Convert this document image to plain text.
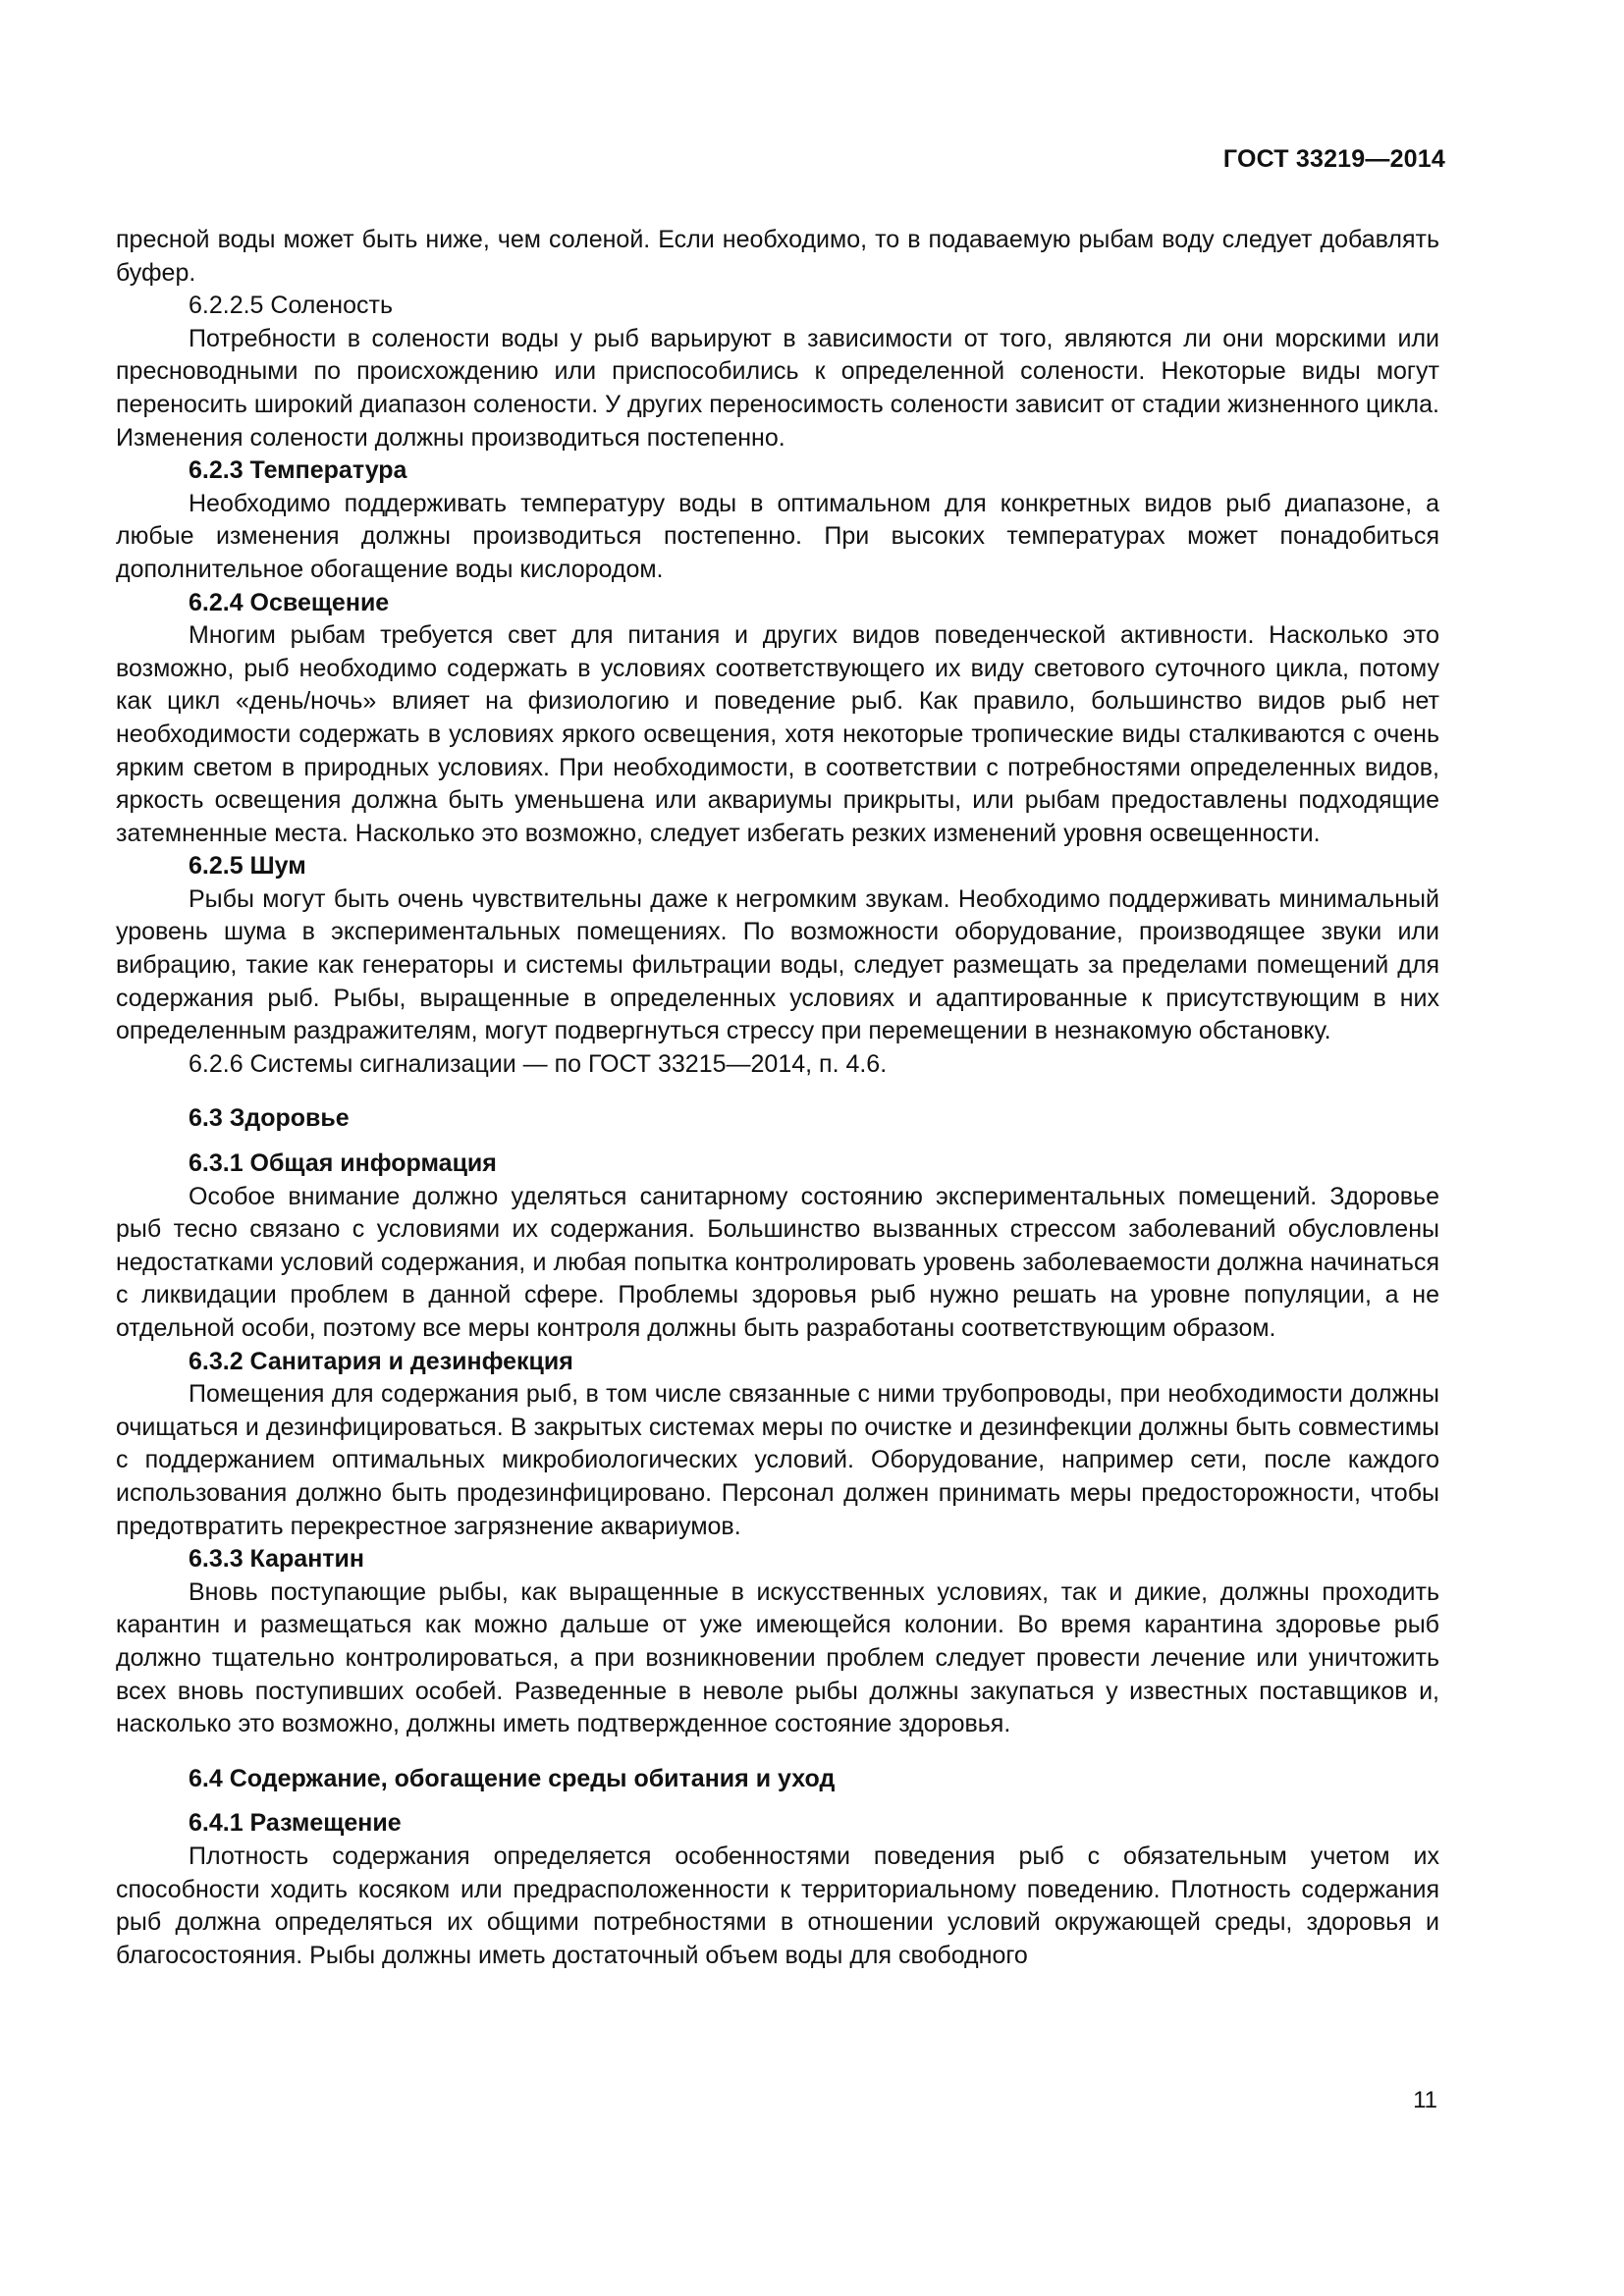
ГОСТ 33219—2014

пресной воды может быть ниже, чем соленой. Если необходимо, то в подаваемую рыбам воду следует добавлять буфер.

6.2.2.5 Соленость

Потребности в солености воды у рыб варьируют в зависимости от того, являются ли они морскими или пресноводными по происхождению или приспособились к определенной солености. Некоторые виды могут переносить широкий диапазон солености. У других переносимость солености зависит от стадии жизненного цикла. Изменения солености должны производиться постепенно.

6.2.3 Температура

Необходимо поддерживать температуру воды в оптимальном для конкретных видов рыб диапазоне, а любые изменения должны производиться постепенно. При высоких температурах может понадобиться дополнительное обогащение воды кислородом.

6.2.4 Освещение

Многим рыбам требуется свет для питания и других видов поведенческой активности. Насколько это возможно, рыб необходимо содержать в условиях соответствующего их виду светового суточного цикла, потому как цикл «день/ночь» влияет на физиологию и поведение рыб. Как правило, большинство видов рыб нет необходимости содержать в условиях яркого освещения, хотя некоторые тропические виды сталкиваются с очень ярким светом в природных условиях. При необходимости, в соответствии с потребностями определенных видов, яркость освещения должна быть уменьшена или аквариумы прикрыты, или рыбам предоставлены подходящие затемненные места. Насколько это возможно, следует избегать резких изменений уровня освещенности.

6.2.5 Шум

Рыбы могут быть очень чувствительны даже к негромким звукам. Необходимо поддерживать минимальный уровень шума в экспериментальных помещениях. По возможности оборудование, производящее звуки или вибрацию, такие как генераторы и системы фильтрации воды, следует размещать за пределами помещений для содержания рыб. Рыбы, выращенные в определенных условиях и адаптированные к присутствующим в них определенным раздражителям, могут подвергнуться стрессу при перемещении в незнакомую обстановку.

6.2.6 Системы сигнализации — по ГОСТ 33215—2014, п. 4.6.

6.3 Здоровье

6.3.1 Общая информация

Особое внимание должно уделяться санитарному состоянию экспериментальных помещений. Здоровье рыб тесно связано с условиями их содержания. Большинство вызванных стрессом заболеваний обусловлены недостатками условий содержания, и любая попытка контролировать уровень заболеваемости должна начинаться с ликвидации проблем в данной сфере. Проблемы здоровья рыб нужно решать на уровне популяции, а не отдельной особи, поэтому все меры контроля должны быть разработаны соответствующим образом.

6.3.2 Санитария и дезинфекция

Помещения для содержания рыб, в том числе связанные с ними трубопроводы, при необходимости должны очищаться и дезинфицироваться. В закрытых системах меры по очистке и дезинфекции должны быть совместимы с поддержанием оптимальных микробиологических условий. Оборудование, например сети, после каждого использования должно быть продезинфицировано. Персонал должен принимать меры предосторожности, чтобы предотвратить перекрестное загрязнение аквариумов.

6.3.3 Карантин

Вновь поступающие рыбы, как выращенные в искусственных условиях, так и дикие, должны проходить карантин и размещаться как можно дальше от уже имеющейся колонии. Во время карантина здоровье рыб должно тщательно контролироваться, а при возникновении проблем следует провести лечение или уничтожить всех вновь поступивших особей. Разведенные в неволе рыбы должны закупаться у известных поставщиков и, насколько это возможно, должны иметь подтвержденное состояние здоровья.

6.4 Содержание, обогащение среды обитания и уход

6.4.1 Размещение

Плотность содержания определяется особенностями поведения рыб с обязательным учетом их способности ходить косяком или предрасположенности к территориальному поведению. Плотность содержания рыб должна определяться их общими потребностями в отношении условий окружающей среды, здоровья и благосостояния. Рыбы должны иметь достаточный объем воды для свободного

11
